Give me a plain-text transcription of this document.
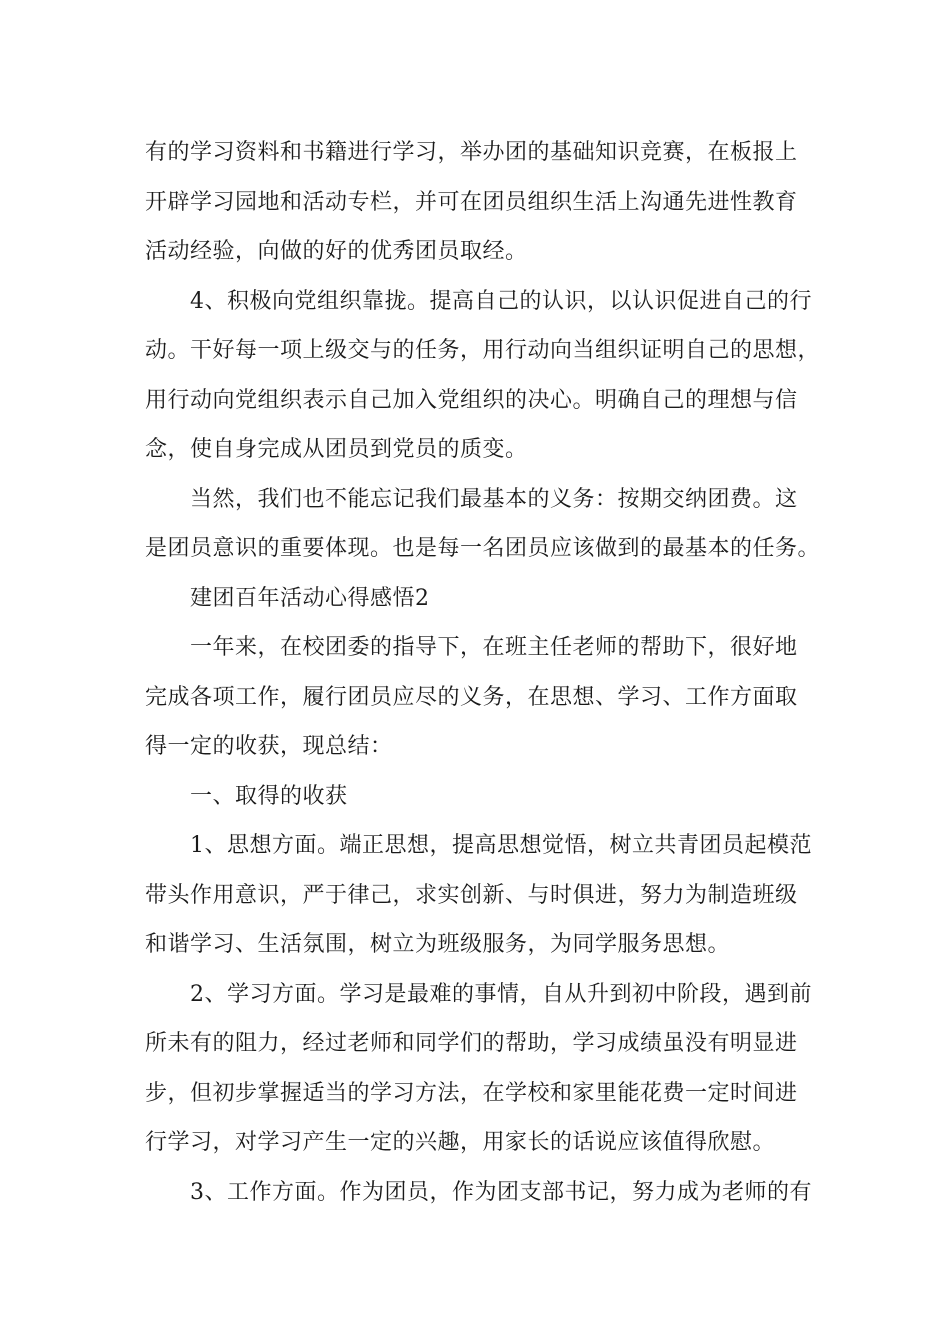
有的学习资料和书籍进行学习，举办团的基础知识竞赛，在板报上
开辟学习园地和活动专栏，并可在团员组织生活上沟通先进性教育
活动经验，向做的好的优秀团员取经。
4、积极向党组织靠拢。提高自己的认识，以认识促进自己的行
动。干好每一项上级交与的任务，用行动向当组织证明自己的思想，
用行动向党组织表示自己加入党组织的决心。明确自己的理想与信
念，使自身完成从团员到党员的质变。
当然，我们也不能忘记我们最基本的义务：按期交纳团费。这
是团员意识的重要体现。也是每一名团员应该做到的最基本的任务。
建团百年活动心得感悟2
一年来，在校团委的指导下，在班主任老师的帮助下，很好地
完成各项工作，履行团员应尽的义务，在思想、学习、工作方面取
得一定的收获，现总结：
一、取得的收获
1、思想方面。端正思想，提高思想觉悟，树立共青团员起模范
带头作用意识，严于律己，求实创新、与时俱进，努力为制造班级
和谐学习、生活氛围，树立为班级服务，为同学服务思想。
2、学习方面。学习是最难的事情，自从升到初中阶段，遇到前
所未有的阻力，经过老师和同学们的帮助，学习成绩虽没有明显进
步，但初步掌握适当的学习方法，在学校和家里能花费一定时间进
行学习，对学习产生一定的兴趣，用家长的话说应该值得欣慰。
3、工作方面。作为团员，作为团支部书记，努力成为老师的有
